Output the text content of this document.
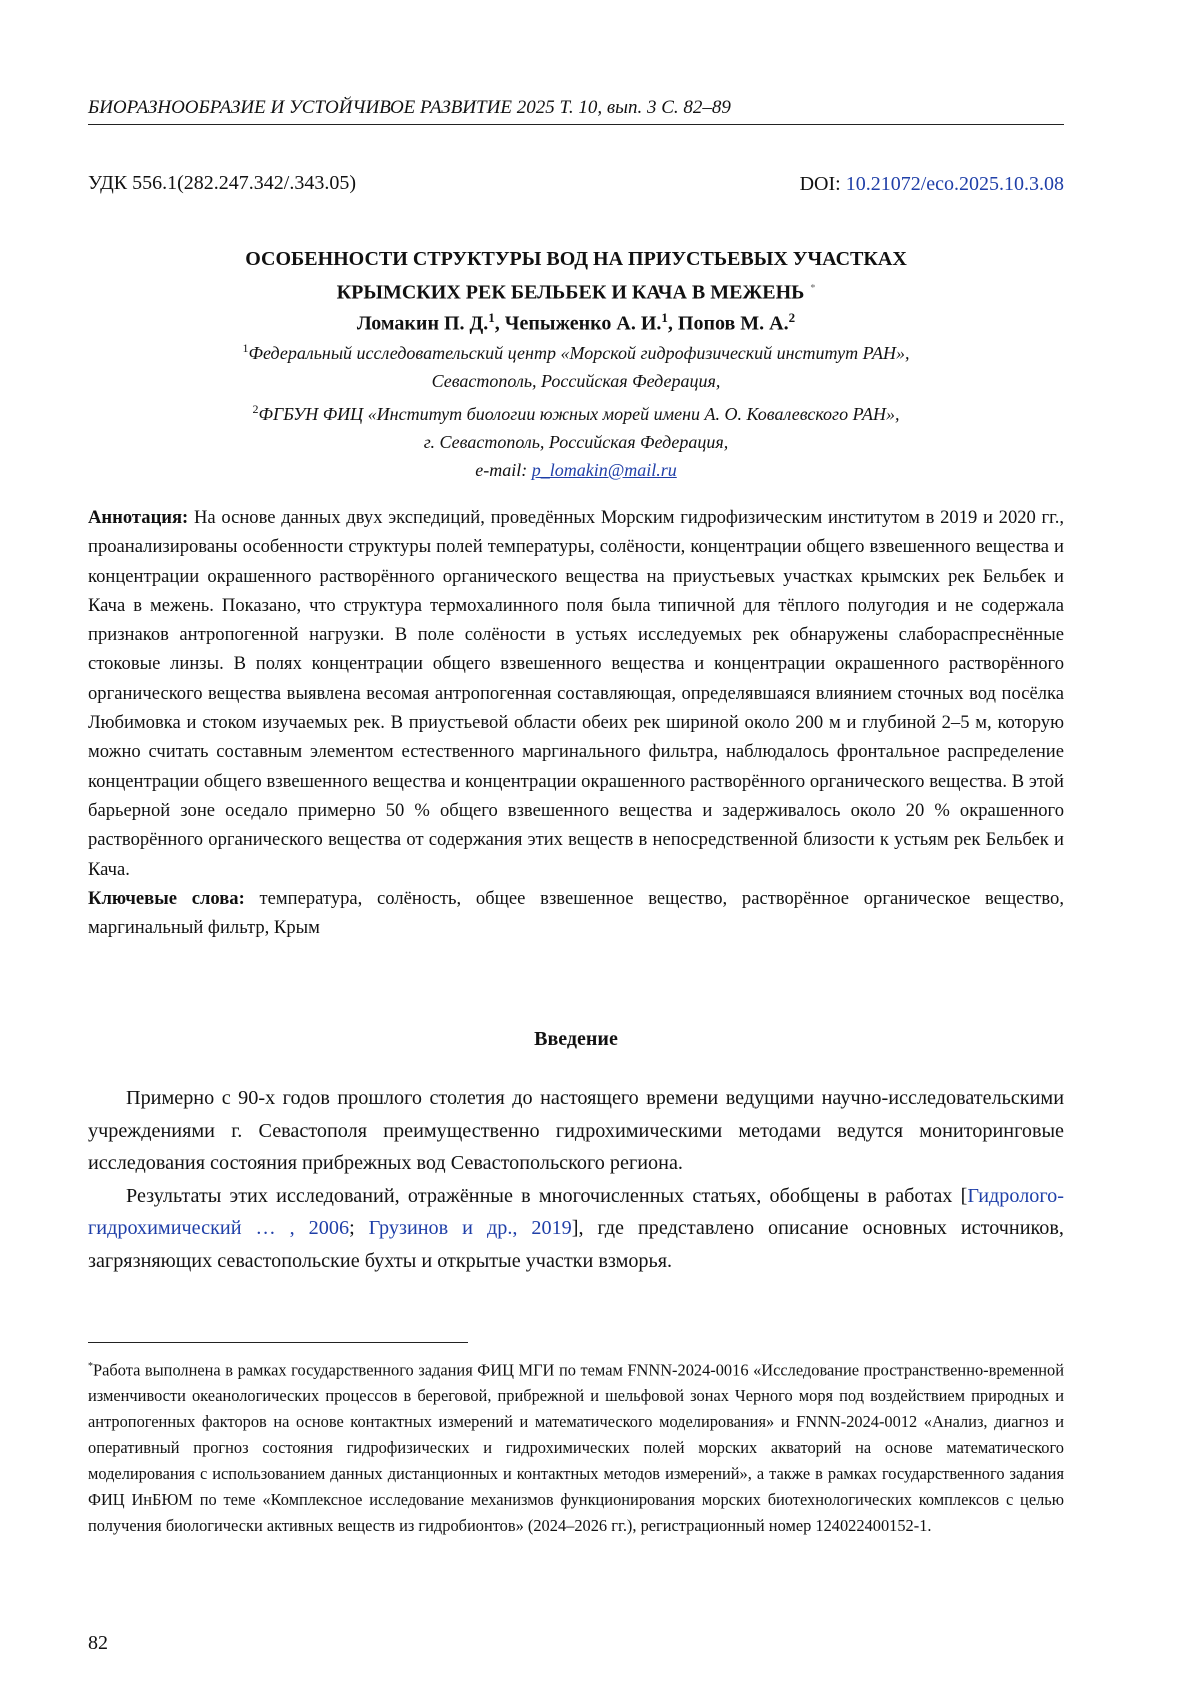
БИОРАЗНООБРАЗИЕ И УСТОЙЧИВОЕ РАЗВИТИЕ 2025 Т. 10, вып. 3 С. 82–89
УДК 556.1(282.247.342/.343.05)	DOI: 10.21072/eco.2025.10.3.08
ОСОБЕННОСТИ СТРУКТУРЫ ВОД НА ПРИУСТЬЕВЫХ УЧАСТКАХ
КРЫМСКИХ РЕК БЕЛЬБЕК И КАЧА В МЕЖЕНЬ *
Ломакин П. Д.$^1$, Чепыженко А. И.$^1$, Попов М. А.$^2$
$^1$Федеральный исследовательский центр «Морской гидрофизический институт РАН»,
Севастополь, Российская Федерация,
$^2$ФГБУН ФИЦ «Институт биологии южных морей имени А. О. Ковалевского РАН»,
г. Севастополь, Российская Федерация,
e-mail: p_lomakin@mail.ru
Аннотация: На основе данных двух экспедиций, проведённых Морским гидрофизическим институтом в 2019 и 2020 гг., проанализированы особенности структуры полей температуры, солёности, концентрации общего взвешенного вещества и концентрации окрашенного растворённого органического вещества на приустьевых участках крымских рек Бельбек и Кача в межень. Показано, что структура термохалинного поля была типичной для тёплого полугодия и не содержала признаков антропогенной нагрузки. В поле солёности в устьях исследуемых рек обнаружены слабораспреснённые стоковые линзы. В полях концентрации общего взвешенного вещества и концентрации окрашенного растворённого органического вещества выявлена весомая антропогенная составляющая, определявшаяся влиянием сточных вод посёлка Любимовка и стоком изучаемых рек. В приустьевой области обеих рек шириной около 200 м и глубиной 2–5 м, которую можно считать составным элементом естественного маргинального фильтра, наблюдалось фронтальное распределение концентрации общего взвешенного вещества и концентрации окрашенного растворённого органического вещества. В этой барьерной зоне оседало примерно 50 % общего взвешенного вещества и задерживалось около 20 % окрашенного растворённого органического вещества от содержания этих веществ в непосредственной близости к устьям рек Бельбек и Кача.
Ключевые слова: температура, солёность, общее взвешенное вещество, растворённое органическое вещество, маргинальный фильтр, Крым
Введение

Примерно с 90-х годов прошлого столетия до настоящего времени ведущими научно-исследовательскими учреждениями г. Севастополя преимущественно гидрохимическими методами ведутся мониторинговые исследования состояния прибрежных вод Севастопольского региона.

Результаты этих исследований, отражённые в многочисленных статьях, обобщены в работах [Гидролого-гидрохимический … , 2006; Грузинов и др., 2019], где представлено описание основных источников, загрязняющих севастопольские бухты и открытые участки взморья.

*Работа выполнена в рамках государственного задания ФИЦ МГИ по темам FNNN-2024-0016 «Исследование пространственно-временной изменчивости океанологических процессов в береговой, прибрежной и шельфовой зонах Черного моря под воздействием природных и антропогенных факторов на основе контактных измерений и математического моделирования» и FNNN-2024-0012 «Анализ, диагноз и оперативный прогноз состояния гидрофизических и гидрохимических полей морских акваторий на основе математического моделирования с использованием данных дистанционных и контактных методов измерений», а также в рамках государственного задания ФИЦ ИнБЮМ по теме «Комплексное исследование механизмов функционирования морских биотехнологических комплексов с целью получения биологически активных веществ из гидробионтов» (2024–2026 гг.), регистрационный номер 124022400152-1.
82
